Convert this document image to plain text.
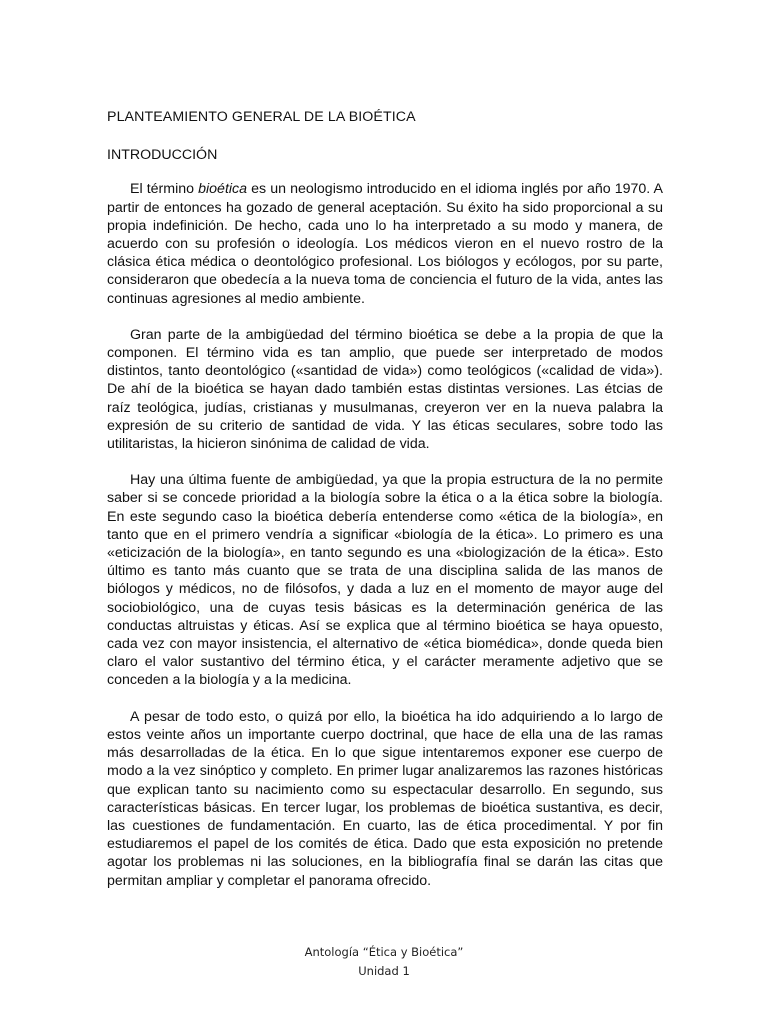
PLANTEAMIENTO GENERAL DE LA BIOÉTICA
INTRODUCCIÓN

El término bioética es un neologismo introducido en el idioma inglés por año 1970. A partir de entonces ha gozado de general aceptación. Su éxito ha sido proporcional a su propia indefinición. De hecho, cada uno lo ha interpretado a su modo y manera, de acuerdo con su profesión o ideología. Los médicos vieron en el nuevo rostro de la clásica ética médica o deontológico profesional. Los biólogos y ecólogos, por su parte, consideraron que obedecía a la nueva toma de conciencia el futuro de la vida, antes las continuas agresiones al medio ambiente.

Gran parte de la ambigüedad del término bioética se debe a la propia de que la componen. El término vida es tan amplio, que puede ser interpretado de modos distintos, tanto deontológico («santidad de vida») como teológicos («calidad de vida»). De ahí de la bioética se hayan dado también estas distintas versiones. Las étcias de raíz teológica, judías, cristianas y musulmanas, creyeron ver en la nueva palabra la expresión de su criterio de santidad de vida. Y las éticas seculares, sobre todo las utilitaristas, la hicieron sinónima de calidad de vida.

Hay una última fuente de ambigüedad, ya que la propia estructura de la no permite saber si se concede prioridad a la biología sobre la ética o a la ética sobre la biología. En este segundo caso la bioética debería entenderse como «ética de la biología», en tanto que en el primero vendría a significar «biología de la ética». Lo primero es una «eticización de la biología», en tanto segundo es una «biologización de la ética». Esto último es tanto más cuanto que se trata de una disciplina salida de las manos de biólogos y médicos, no de filósofos, y dada a luz en el momento de mayor auge del sociobiológico, una de cuyas tesis básicas es la determinación genérica de las conductas altruistas y éticas. Así se explica que al término bioética se haya opuesto, cada vez con mayor insistencia, el alternativo de «ética biomédica», donde queda bien claro el valor sustantivo del término ética, y el carácter meramente adjetivo que se conceden a la biología y a la medicina.

A pesar de todo esto, o quizá por ello, la bioética ha ido adquiriendo a lo largo de estos veinte años un importante cuerpo doctrinal, que hace de ella una de las ramas más desarrolladas de la ética. En lo que sigue intentaremos exponer ese cuerpo de modo a la vez sinóptico y completo. En primer lugar analizaremos las razones históricas que explican tanto su nacimiento como su espectacular desarrollo. En segundo, sus características básicas. En tercer lugar, los problemas de bioética sustantiva, es decir, las cuestiones de fundamentación. En cuarto, las de ética procedimental. Y por fin estudiaremos el papel de los comités de ética. Dado que esta exposición no pretende agotar los problemas ni las soluciones, en la bibliografía final se darán las citas que permitan ampliar y completar el panorama ofrecido.

Antología “Ética y Bioética”
Unidad 1
